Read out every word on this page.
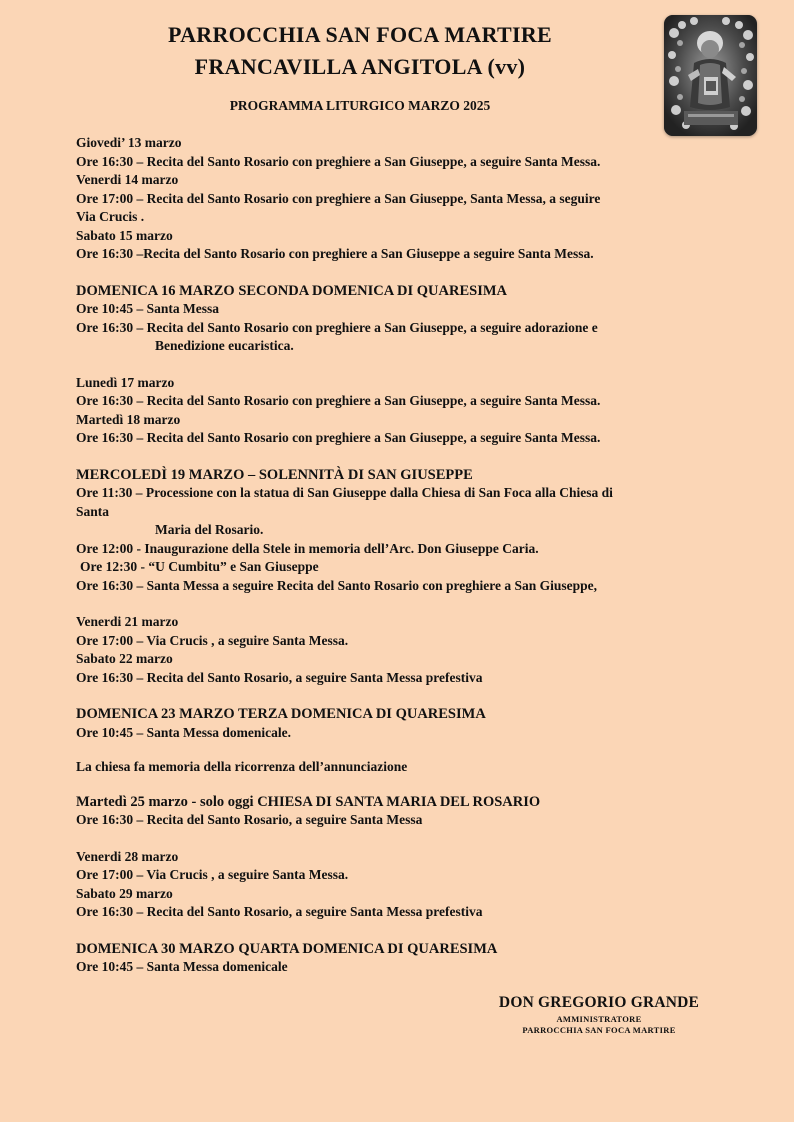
PARROCCHIA SAN FOCA MARTIRE
FRANCAVILLA ANGITOLA (vv)
PROGRAMMA LITURGICO MARZO 2025
Giovedi’ 13 marzo
Ore 16:30 – Recita del Santo Rosario con preghiere a San Giuseppe, a seguire Santa Messa.
Venerdi 14 marzo
Ore 17:00 – Recita del Santo Rosario con preghiere a San Giuseppe, Santa Messa, a seguire
Via Crucis .
Sabato 15 marzo
Ore 16:30 –Recita del Santo Rosario con preghiere a San Giuseppe a seguire Santa Messa.
DOMENICA 16 MARZO SECONDA DOMENICA DI QUARESIMA
Ore 10:45 – Santa Messa
Ore 16:30 – Recita del Santo Rosario con preghiere a San Giuseppe, a seguire adorazione e
Benedizione eucaristica.
Lunedì 17 marzo
Ore 16:30 – Recita del Santo Rosario con preghiere a San Giuseppe, a seguire Santa Messa.
Martedì 18 marzo
Ore 16:30 – Recita del Santo Rosario con preghiere a San Giuseppe, a seguire Santa Messa.
MERCOLEDÌ 19 MARZO – SOLENNITÀ DI SAN GIUSEPPE
Ore 11:30 – Processione con la statua di San Giuseppe dalla Chiesa di San Foca alla Chiesa di
Santa
Maria del Rosario.
Ore 12:00 - Inaugurazione della Stele in memoria dell’Arc. Don Giuseppe Caria.
Ore 12:30 - “U Cumbitu” e San Giuseppe
Ore 16:30 – Santa Messa a seguire Recita del Santo Rosario con preghiere a San Giuseppe,
Venerdi 21 marzo
Ore 17:00 – Via Crucis , a seguire Santa Messa.
Sabato 22 marzo
Ore 16:30 – Recita del Santo Rosario, a seguire Santa Messa prefestiva
DOMENICA 23 MARZO TERZA DOMENICA DI QUARESIMA
Ore 10:45 – Santa Messa domenicale.
La chiesa fa memoria della ricorrenza dell’annunciazione
Martedì 25 marzo - solo oggi CHIESA DI SANTA MARIA DEL ROSARIO
Ore 16:30 – Recita del Santo Rosario, a seguire Santa Messa
Venerdi 28 marzo
Ore 17:00 – Via Crucis , a seguire Santa Messa.
Sabato 29 marzo
Ore 16:30 – Recita del Santo Rosario, a seguire Santa Messa prefestiva
DOMENICA 30 MARZO QUARTA DOMENICA DI QUARESIMA
Ore 10:45 – Santa Messa domenicale
DON GREGORIO GRANDE
AMMINISTRATORE
PARROCCHIA SAN FOCA MARTIRE
